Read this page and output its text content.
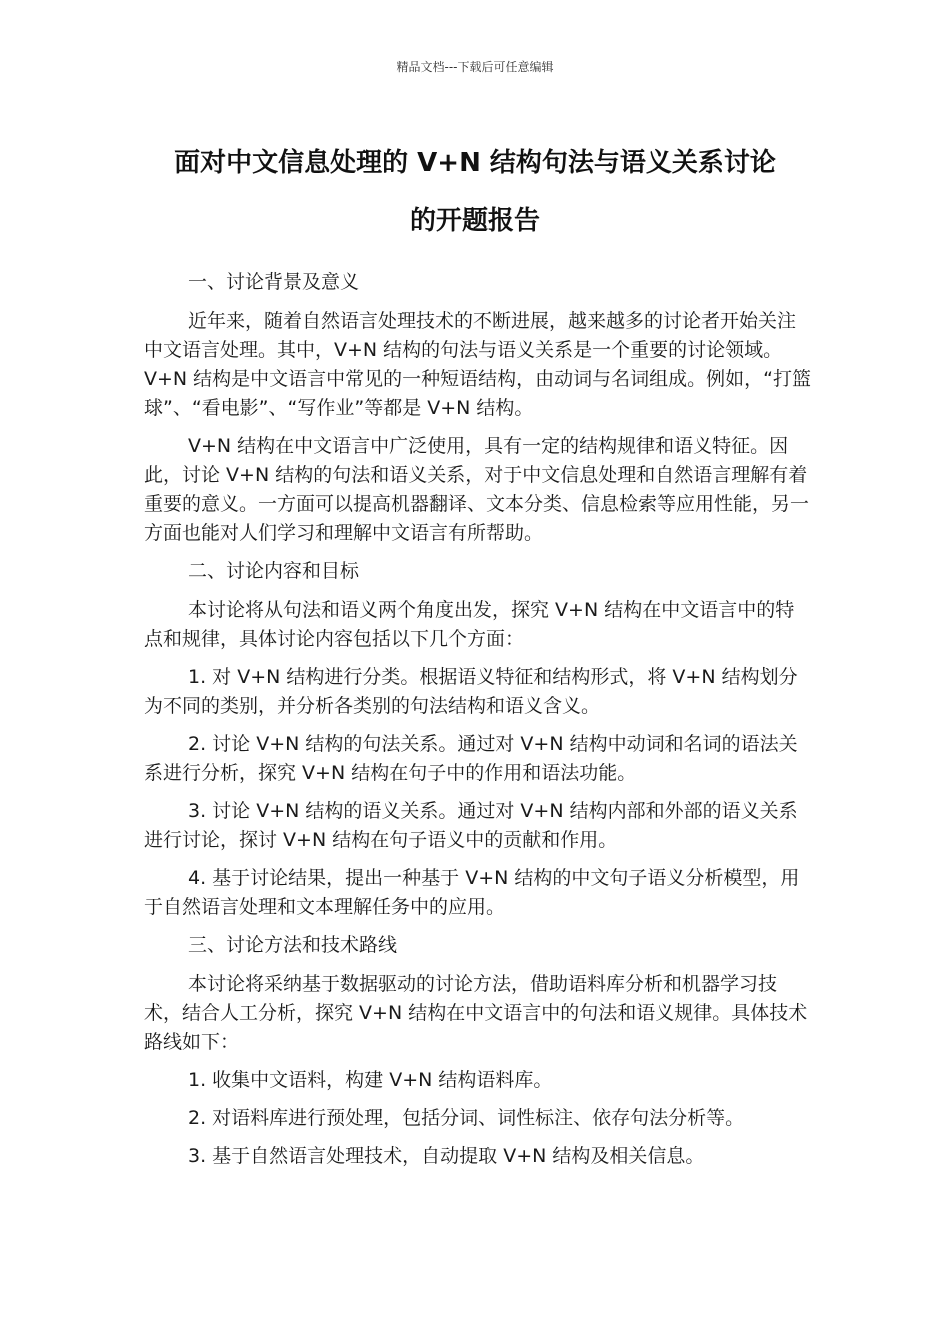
精品文档---下载后可任意编辑
面对中文信息处理的 V+N 结构句法与语义关系讨论
的开题报告

一、讨论背景及意义

近年来，随着自然语言处理技术的不断进展，越来越多的讨论者开始关注中文语言处理。其中，V+N 结构的句法与语义关系是一个重要的讨论领域。V+N 结构是中文语言中常见的一种短语结构，由动词与名词组成。例如，“打篮球”、“看电影”、“写作业”等都是 V+N 结构。

V+N 结构在中文语言中广泛使用，具有一定的结构规律和语义特征。因此，讨论 V+N 结构的句法和语义关系，对于中文信息处理和自然语言理解有着重要的意义。一方面可以提高机器翻译、文本分类、信息检索等应用性能，另一方面也能对人们学习和理解中文语言有所帮助。

二、讨论内容和目标

本讨论将从句法和语义两个角度出发，探究 V+N 结构在中文语言中的特点和规律，具体讨论内容包括以下几个方面：

1. 对 V+N 结构进行分类。根据语义特征和结构形式，将 V+N 结构划分为不同的类别，并分析各类别的句法结构和语义含义。

2. 讨论 V+N 结构的句法关系。通过对 V+N 结构中动词和名词的语法关系进行分析，探究 V+N 结构在句子中的作用和语法功能。

3. 讨论 V+N 结构的语义关系。通过对 V+N 结构内部和外部的语义关系进行讨论，探讨 V+N 结构在句子语义中的贡献和作用。

4. 基于讨论结果，提出一种基于 V+N 结构的中文句子语义分析模型，用于自然语言处理和文本理解任务中的应用。

三、讨论方法和技术路线

本讨论将采纳基于数据驱动的讨论方法，借助语料库分析和机器学习技术，结合人工分析，探究 V+N 结构在中文语言中的句法和语义规律。具体技术路线如下：

1. 收集中文语料，构建 V+N 结构语料库。

2. 对语料库进行预处理，包括分词、词性标注、依存句法分析等。

3. 基于自然语言处理技术，自动提取 V+N 结构及相关信息。
